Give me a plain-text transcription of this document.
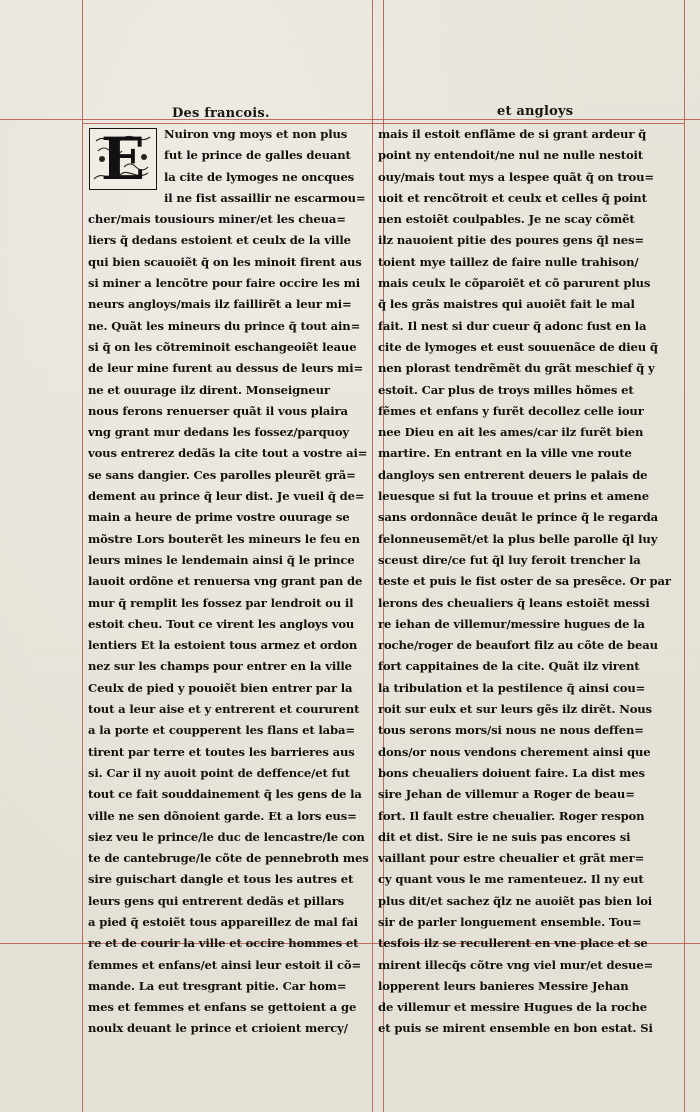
Des francois.	et angloys
E	Nuiron vng moys et non plus
fut le prince de galles deuant
la cite de lymoges ne oncques
il ne fist assaillir ne escarmou=
cher/mais tousiours miner/et les cheua=
liers q̃ dedans estoient et ceulx de la ville
qui bien scauoiẽt q̃ on les minoit firent aus
si miner a lencõtre pour faire occire les mi
neurs angloys/mais ilz faillirẽt a leur mi=
ne. Quãt les mineurs du prince q̃ tout ain=
si q̃ on les cõtreminoit eschangeoiẽt leaue
de leur mine furent au dessus de leurs mi=
ne et ouurage ilz dirent. Monseigneur
nous ferons renuerser quãt il vous plaira
vng grant mur dedans les fossez/parquoy
vous entrerez dedãs la cite tout a vostre ai=
se sans dangier. Ces parolles pleurẽt grã=
dement au prince q̃ leur dist. Je vueil q̃ de=
main a heure de prime vostre ouurage se
mõstre Lors bouterẽt les mineurs le feu en
leurs mines le lendemain ainsi q̃ le prince
lauoit ordõne et renuersa vng grant pan de
mur q̃ remplit les fossez par lendroit ou il
estoit cheu. Tout ce virent les angloys vou
lentiers Et la estoient tous armez et ordon
nez sur les champs pour entrer en la ville
Ceulx de pied y pouoiẽt bien entrer par la
tout a leur aise et y entrerent et coururent
a la porte et coupperent les flans et laba=
tirent par terre et toutes les barrieres aus
si. Car il ny auoit point de deffence/et fut
tout ce fait souddainement q̃ les gens de la
ville ne sen dõnoient garde. Et a lors eus=
siez veu le prince/le duc de lencastre/le con
te de cantebruge/le cõte de pennebroth mes
sire guischart dangle et tous les autres et
leurs gens qui entrerent dedãs et pillars
a pied q̃ estoiẽt tous appareillez de mal fai
re et de courir la ville et occire hommes et
femmes et enfans/et ainsi leur estoit il cõ=
mande. La eut tresgrant pitie. Car hom=
mes et femmes et enfans se gettoient a ge
noulx deuant le prince et crioient mercy/
mais il estoit enflãme de si grant ardeur q̃
point ny entendoit/ne nul ne nulle nestoit
ouy/mais tout mys a lespee quãt q̃ on trou=
uoit et rencõtroit et ceulx et celles q̃ point
nen estoiẽt coulpables. Je ne scay cõmẽt
ilz nauoient pitie des poures gens q̃l nes=
toient mye taillez de faire nulle trahison/
mais ceulx le cõparoiẽt et cõ parurent plus
q̃ les grãs maistres qui auoiẽt fait le mal
fait. Il nest si dur cueur q̃ adonc fust en la
cite de lymoges et eust souuenãce de dieu q̃
nen plorast tendrẽmẽt du grãt meschief q̃ y
estoit. Car plus de troys milles hõmes et
fẽmes et enfans y furẽt decollez celle iour
nee Dieu en ait les ames/car ilz furẽt bien
martire. En entrant en la ville vne route
dangloys sen entrerent deuers le palais de
leuesque si fut la trouue et prins et amene
sans ordonnãce deuãt le prince q̃ le regarda
felonneusemẽt/et la plus belle parolle q̃l luy
sceust dire/ce fut q̃l luy feroit trencher la
teste et puis le fist oster de sa presẽce. Or par
lerons des cheualiers q̃ leans estoiẽt messi
re iehan de villemur/messire hugues de la
roche/roger de beaufort filz au cõte de beau
fort cappitaines de la cite. Quãt ilz virent
la tribulation et la pestilence q̃ ainsi cou=
roit sur eulx et sur leurs gẽs ilz dirẽt. Nous
tous serons mors/si nous ne nous deffen=
dons/or nous vendons cherement ainsi que
bons cheualiers doiuent faire. La dist mes
sire Jehan de villemur a Roger de beau=
fort. Il fault estre cheualier. Roger respon
dit et dist. Sire ie ne suis pas encores si
vaillant pour estre cheualier et grãt mer=
cy quant vous le me ramenteuez. Il ny eut
plus dit/et sachez q̃lz ne auoiẽt pas bien loi
sir de parler longuement ensemble. Tou=
tesfois ilz se recullerent en vne place et se
mirent illecq̃s cõtre vng viel mur/et desue=
lopperent leurs banieres Messire Jehan
de villemur et messire Hugues de la roche
et puis se mirent ensemble en bon estat. Si
